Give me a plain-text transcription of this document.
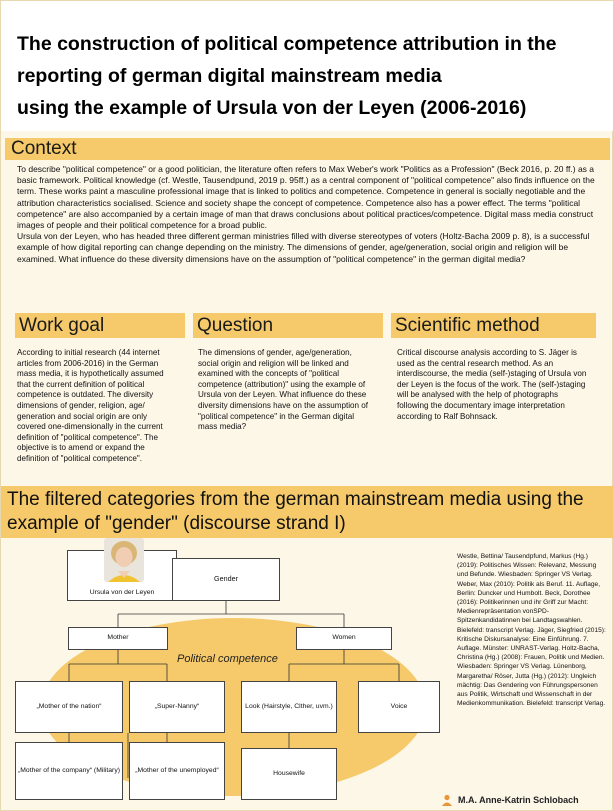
The construction of political competence attribution in the
reporting of german digital mainstream media
using the example of Ursula von der Leyen (2006-2016)
Context

To describe "political competence" or a good politician, the literature often refers to Max Weber's work "Politics as a Profession" (Beck 2016, p. 20 ff.) as a basic framework. Political knowledge (cf. Westle, Tausendpund, 2019 p. 95ff.) as a central component of "political competence" also finds influence on the term. These works paint a masculine professional image that is linked to politics and competence. Competence in general is socially negotiable and the attribution characteristics socialised. Science and society shape the concept of competence. Competence also has a power effect. The terms "political competence" are also accompanied by a certain image of man that draws conclusions about political practices/competence. Digital mass media construct images of people and their political competence for a broad public.

Ursula von der Leyen, who has headed three different german ministries filled with diverse stereotypes of voters (Holtz-Bacha 2009 p. 8), is a successful example of how digital reporting can change depending on the ministry. The dimensions of gender, age/generation, social origin and religion will be examined. What influence do these diversity dimensions have on the assumption of "political competence" in the german digital media?

Work goal	Question	Scientific method
According to initial research (44 internet articles from 2006-2016) in the German mass media, it is hypothetically assumed that the current definition of political competence is outdated. The diversity dimensions of gender, religion, age/ generation and social origin are only covered one-dimensionally in the current definition of "political competence". The objective is to amend or expand the definition of "political competence".
The dimensions of gender, age/generation, social origin and religion will be linked and examined with the concepts of "political competence (attribution)" using the example of Ursula von der Leyen. What influence do these diversity dimensions have on the assumption of "political competence" in the German digital mass media?
Critical discourse analysis according to S. Jäger is used as the central research method. As an interdiscourse, the media (self-)staging of Ursula von der Leyen is the focus of the work. The (self-)staging will be analysed with the help of photographs following the documentary image interpretation according to Ralf Bohnsack.
The filtered categories from the german mainstream media using the example of "gender" (discourse strand I)
Ursula von der Leyen
Gender
Mother	Women
Political competence
„Mother of the nation“	„Super-Nanny“	Look (Hairstyle, Clther, uvm.)	Voice
„Mother of the company“ (Military)	„Mother of the unemployed“	Housewife
Westle, Bettina/ Tausendpfund, Markus (Hg.) (2019): Politisches Wissen: Relevanz, Messung und Befunde. Wiesbaden: Springer VS Verlag. Weber, Max (2010): Politik als Beruf. 11. Auflage, Berlin: Duncker und Humbolt. Beck, Dorothee (2016): Politikerinnen und ihr Griff zur Macht: Medienrepräsentation vonSPD-Spitzenkandidatinnen bei Landtagswahlen. Bielefeld: transcript Verlag. Jäger, Siegfried (2015): Kritische Diskursanalyse: Eine Einführung. 7. Auflage. Münster: UNRAST-Verlag. Holtz-Bacha, Christina (Hg.) (2008): Frauen, Politik und Medien. Wiesbaden: Springer VS Verlag. Lünenborg, Margaretha/ Röser, Jutta (Hg.) (2012): Ungleich mächtig: Das Gendering von Führungspersonen aus Politik, Wirtschaft und Wissenschaft in der Medienkommunikation. Bielefeld: transcript Verlag.
M.A. Anne-Katrin Schlobach
